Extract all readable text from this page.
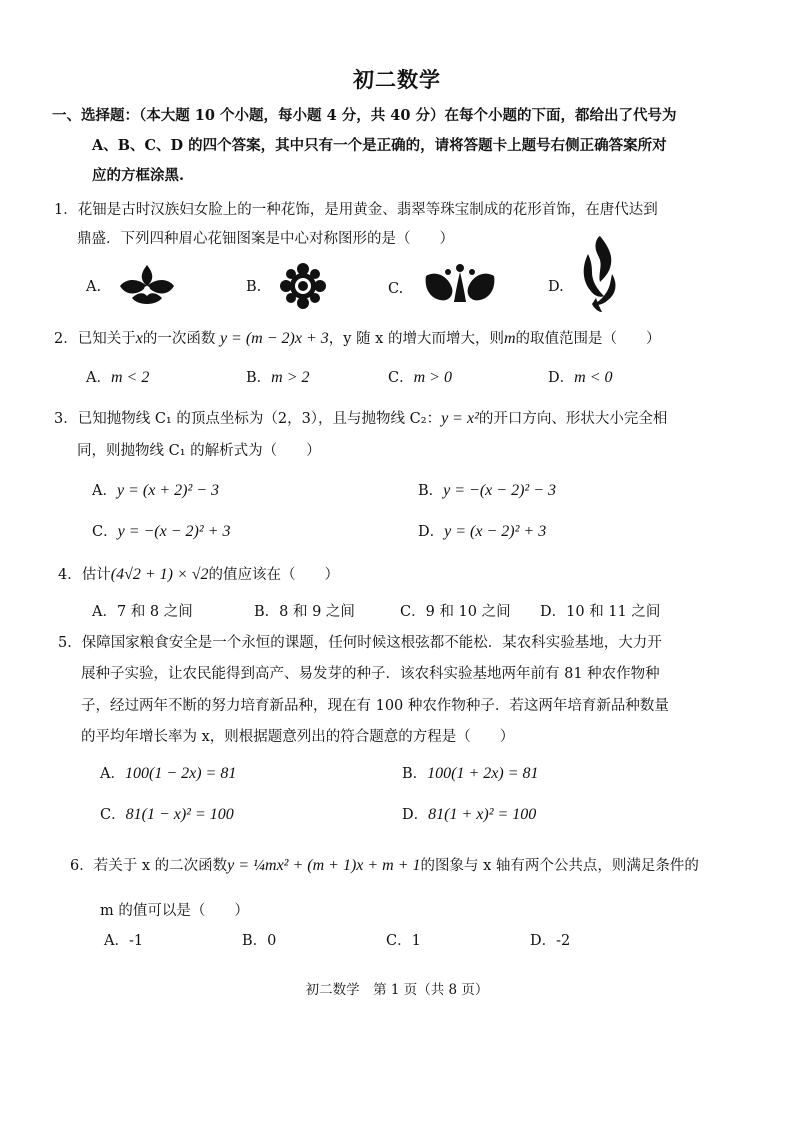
初二数学
一、选择题：（本大题 10 个小题，每小题 4 分，共 40 分）在每个小题的下面，都给出了代号为
A、B、C、D 的四个答案，其中只有一个是正确的，请将答题卡上题号右侧正确答案所对
应的方框涂黑.
1．花钿是古时汉族妇女脸上的一种花饰，是用黄金、翡翠等珠宝制成的花形首饰，在唐代达到
鼎盛．下列四种眉心花钿图案是中心对称图形的是（　　）
A.	B.	C.	D.
2．已知关于x的一次函数 y = (m − 2)x + 3，y 随 x 的增大而增大，则m的取值范围是（　　）
A．m < 2	B．m > 2	C．m > 0	D．m < 0
3．已知抛物线 C₁ 的顶点坐标为（2，3），且与抛物线 C₂：y = x²的开口方向、形状大小完全相
同，则抛物线 C₁ 的解析式为（　　）
A．y = (x + 2)² − 3	B．y = −(x − 2)² − 3
C．y = −(x − 2)² + 3	D．y = (x − 2)² + 3
4．估计(4√2 + 1) × √2的值应该在（　　）
A．7 和 8 之间	B．8 和 9 之间	C．9 和 10 之间 D．10 和 11 之间
5．保障国家粮食安全是一个永恒的课题，任何时候这根弦都不能松．某农科实验基地，大力开
展种子实验，让农民能得到高产、易发芽的种子．该农科实验基地两年前有 81 种农作物种
子，经过两年不断的努力培育新品种，现在有 100 种农作物种子．若这两年培育新品种数量
的平均年增长率为 x，则根据题意列出的符合题意的方程是（　　）
A．100(1 − 2x) = 81	B．100(1 + 2x) = 81
C．81(1 − x)² = 100	D．81(1 + x)² = 100
6．若关于 x 的二次函数y = ¼mx² + (m + 1)x + m + 1的图象与 x 轴有两个公共点，则满足条件的
m 的值可以是（　　）
A．-1	B．0	C．1	D．-2
初二数学　第 1 页（共 8 页）
